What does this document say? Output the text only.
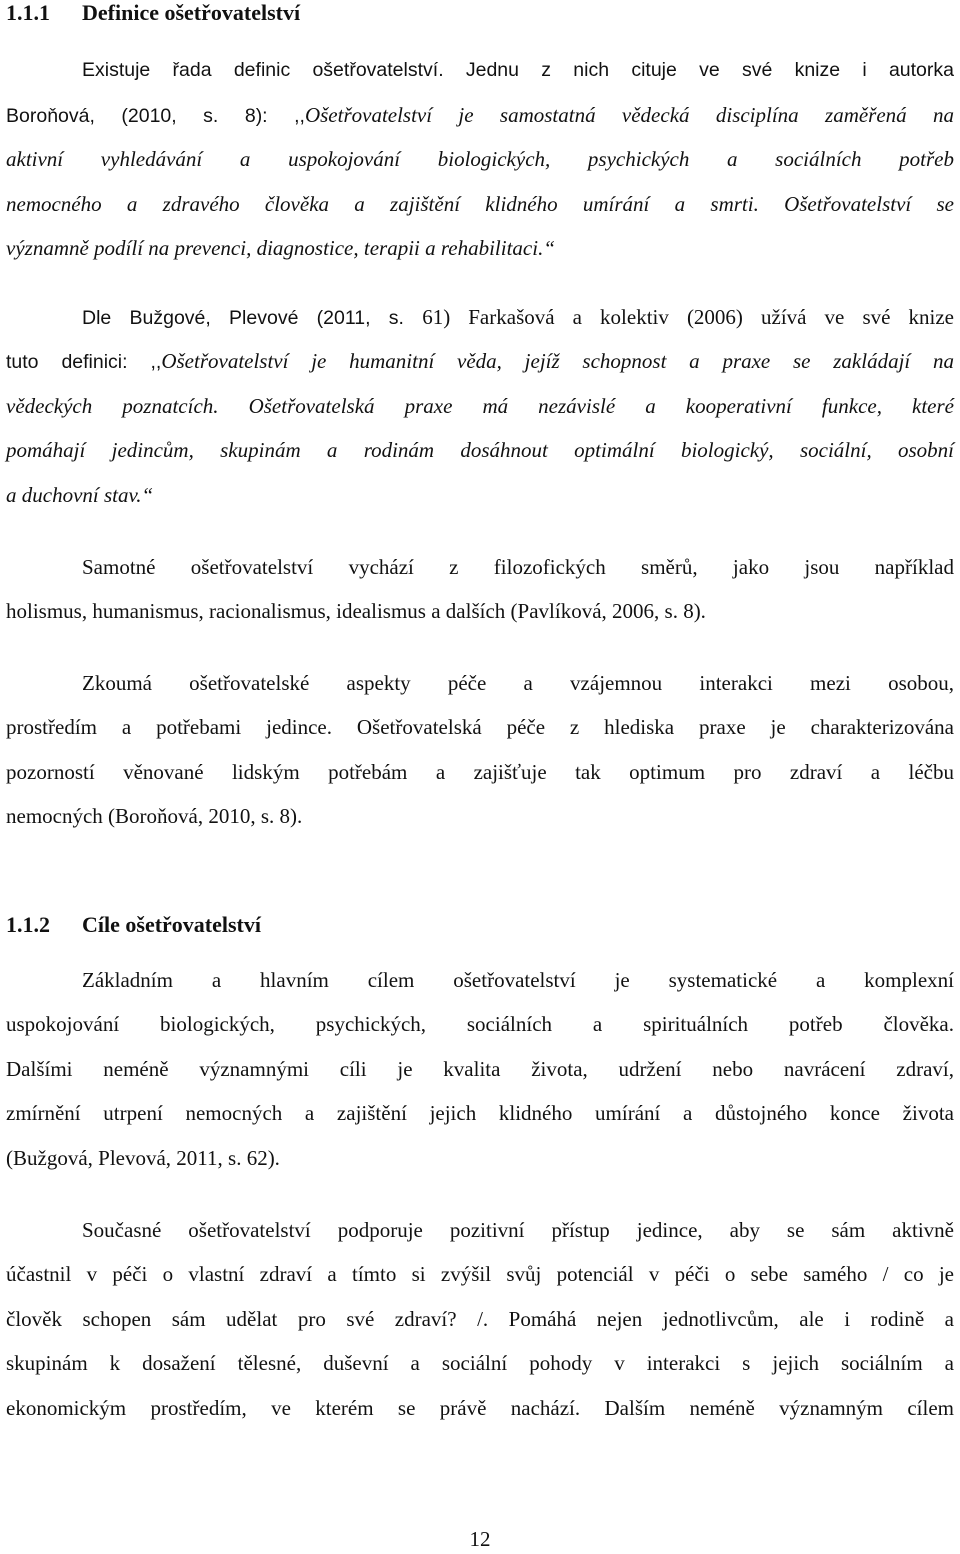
1.1.1 Definice ošetřovatelství
Existuje řada definic ošetřovatelství. Jednu z nich cituje ve své knize i autorka
Boroňová, (2010, s. 8): ,,Ošetřovatelství je samostatná vědecká disciplína zaměřená na
aktivní vyhledávání a uspokojování biologických, psychických a sociálních potřeb
nemocného a zdravého člověka a zajištění klidného umírání a smrti. Ošetřovatelství se
významně podílí na prevenci, diagnostice, terapii a rehabilitaci.“
Dle Bužgové, Plevové (2011, s. 61) Farkašová a kolektiv (2006) užívá ve své knize
tuto definici: ,,Ošetřovatelství je humanitní věda, jejíž schopnost a praxe se zakládají na
vědeckých poznatcích. Ošetřovatelská praxe má nezávislé a kooperativní funkce, které
pomáhají jedincům, skupinám a rodinám dosáhnout optimální biologický, sociální, osobní
a duchovní stav.“
Samotné ošetřovatelství vychází z filozofických směrů, jako jsou například
holismus, humanismus, racionalismus, idealismus a dalších (Pavlíková, 2006, s. 8).
Zkoumá ošetřovatelské aspekty péče a vzájemnou interakci mezi osobou,
prostředím a potřebami jedince. Ošetřovatelská péče z hlediska praxe je charakterizována
pozorností věnované lidským potřebám a zajišťuje tak optimum pro zdraví a léčbu
nemocných (Boroňová, 2010, s. 8).
1.1.2 Cíle ošetřovatelství
Základním a hlavním cílem ošetřovatelství je systematické a komplexní
uspokojování biologických, psychických, sociálních a spirituálních potřeb člověka.
Dalšími neméně významnými cíli je kvalita života, udržení nebo navrácení zdraví,
zmírnění utrpení nemocných a zajištění jejich klidného umírání a důstojného konce života
(Bužgová, Plevová, 2011, s. 62).
Současné ošetřovatelství podporuje pozitivní přístup jedince, aby se sám aktivně
účastnil v péči o vlastní zdraví a tímto si zvýšil svůj potenciál v péči o sebe samého / co je
člověk schopen sám udělat pro své zdraví? /. Pomáhá nejen jednotlivcům, ale i rodině a
skupinám k dosažení tělesné, duševní a sociální pohody v interakci s jejich sociálním a
ekonomickým prostředím, ve kterém se právě nachází. Dalším neméně významným cílem
12
